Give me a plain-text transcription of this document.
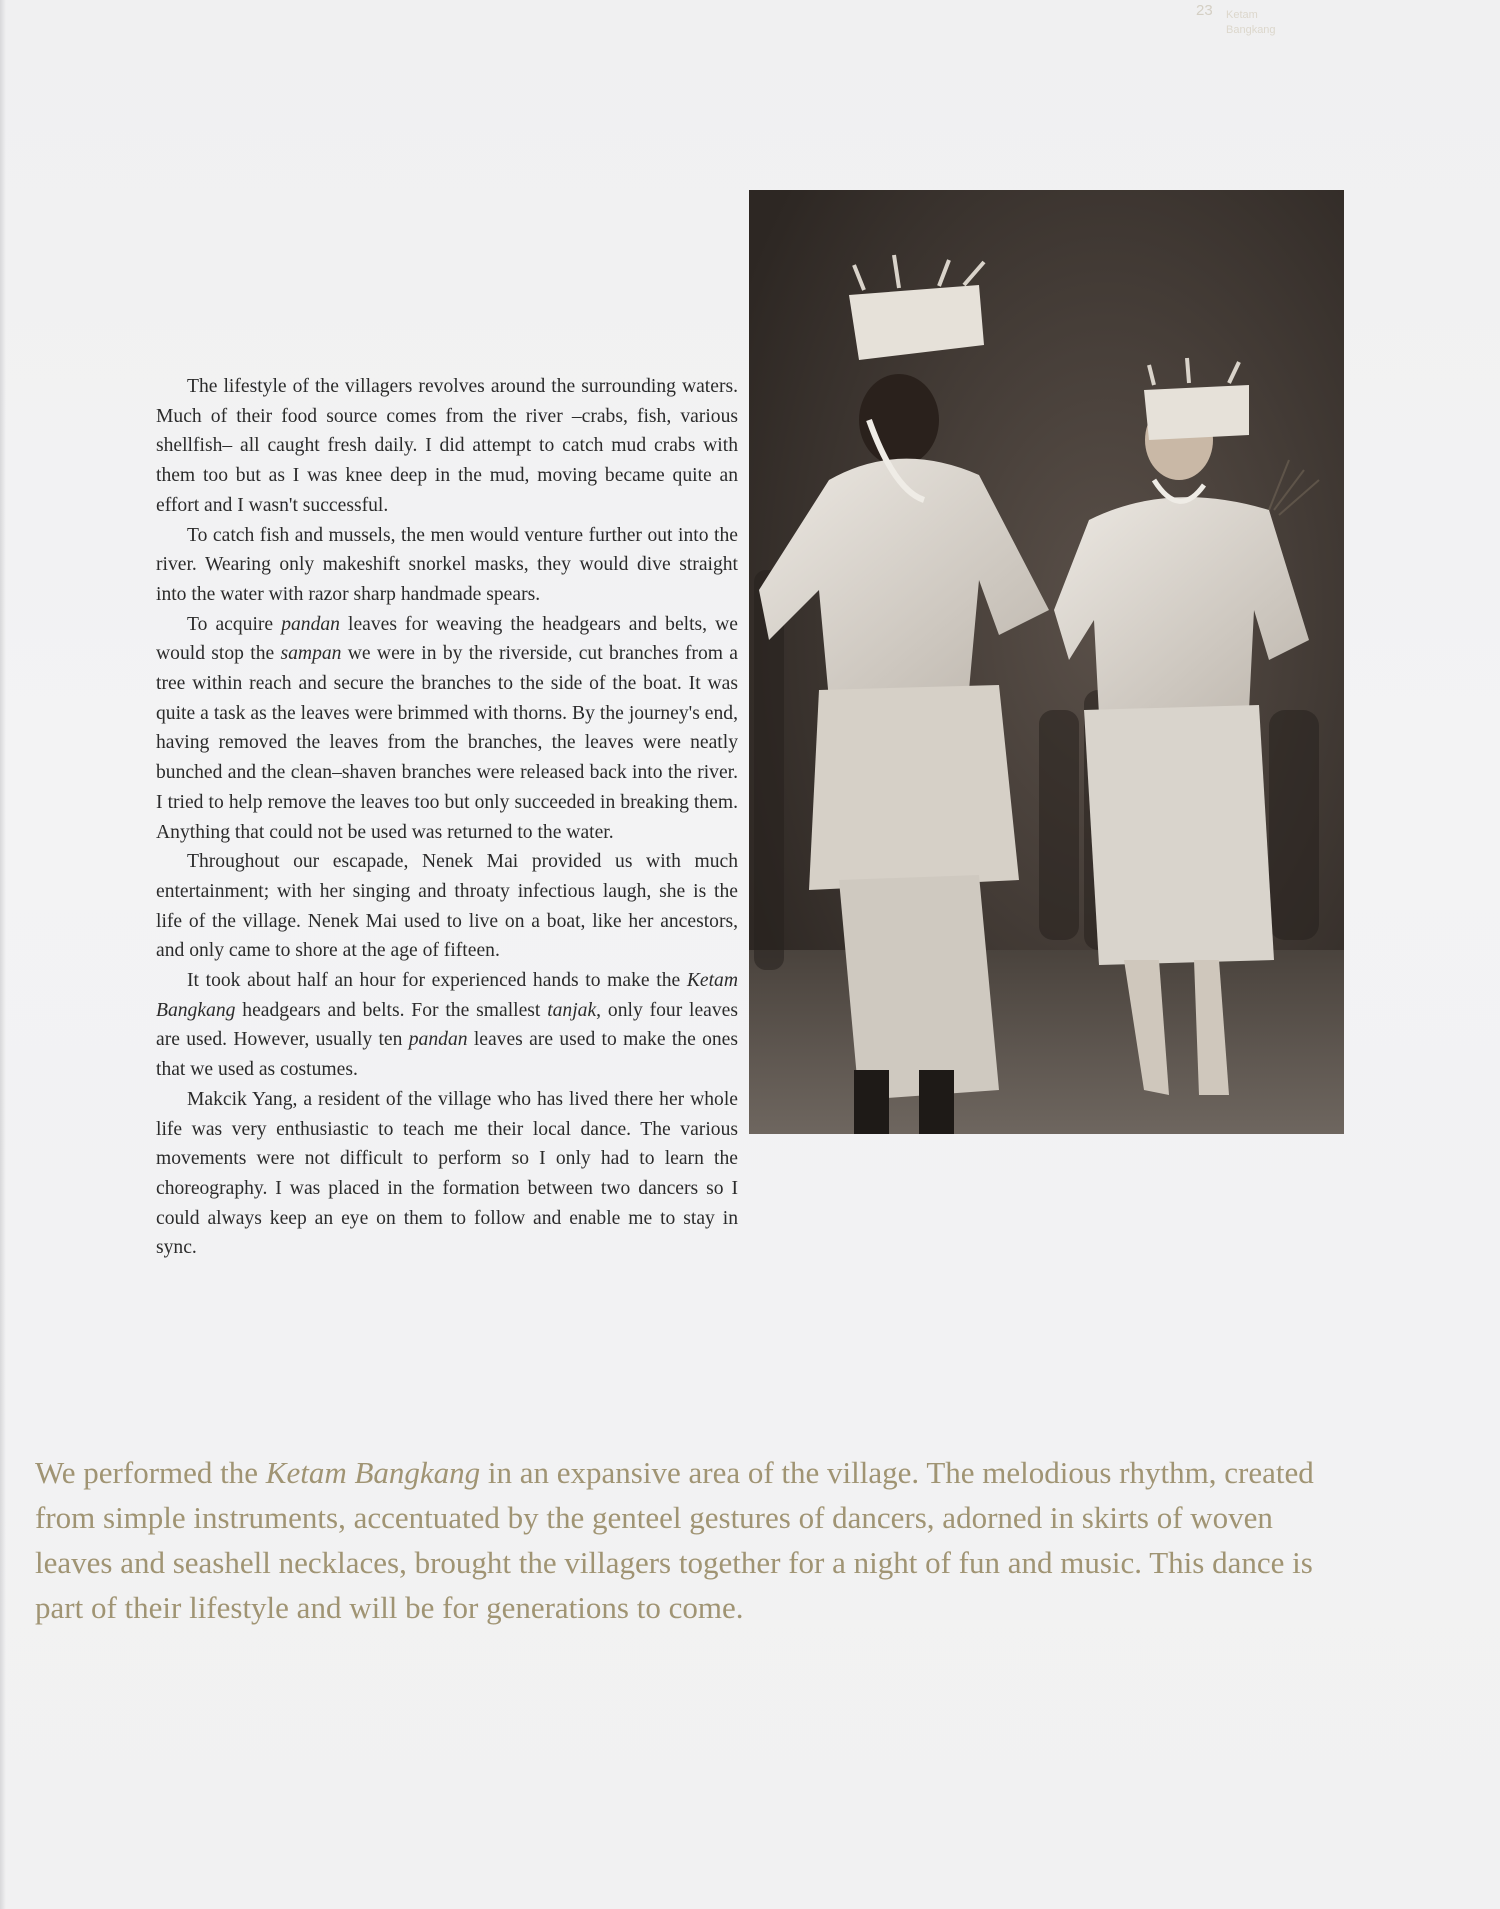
23 Ketam
Bangkang

The lifestyle of the villagers revolves around the surrounding waters. Much of their food source comes from the river –crabs, fish, various shellfish– all caught fresh daily. I did attempt to catch mud crabs with them too but as I was knee deep in the mud, moving became quite an effort and I wasn't successful.

To catch fish and mussels, the men would venture further out into the river. Wearing only makeshift snorkel masks, they would dive straight into the water with razor sharp handmade spears.

To acquire pandan leaves for weaving the headgears and belts, we would stop the sampan we were in by the riverside, cut branches from a tree within reach and secure the branches to the side of the boat. It was quite a task as the leaves were brimmed with thorns. By the journey's end, having removed the leaves from the branches, the leaves were neatly bunched and the clean–shaven branches were released back into the river. I tried to help remove the leaves too but only succeeded in breaking them. Anything that could not be used was returned to the water.

Throughout our escapade, Nenek Mai provided us with much entertainment; with her singing and throaty infectious laugh, she is the life of the village. Nenek Mai used to live on a boat, like her ancestors, and only came to shore at the age of fifteen.

It took about half an hour for experienced hands to make the Ketam Bangkang headgears and belts. For the smallest tanjak, only four leaves are used. However, usually ten pandan leaves are used to make the ones that we used as costumes.

Makcik Yang, a resident of the village who has lived there her whole life was very enthusiastic to teach me their local dance. The various movements were not difficult to perform so I only had to learn the choreography. I was placed in the formation between two dancers so I could always keep an eye on them to follow and enable me to stay in sync.

We performed the Ketam Bangkang in an expansive area of the village. The melodious rhythm, created from simple instruments, accentuated by the genteel gestures of dancers, adorned in skirts of woven leaves and seashell necklaces, brought the villagers together for a night of fun and music. This dance is part of their lifestyle and will be for generations to come.
